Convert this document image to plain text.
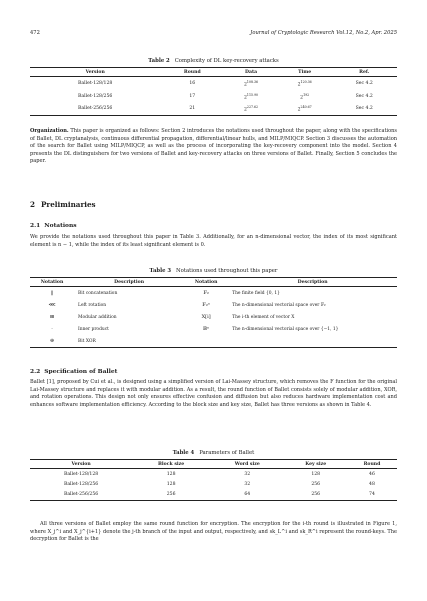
472	Journal of Cryptologic Research Vol.12, No.2, Apr. 2025
Table 2 Complexity of DL key-recovery attacks
Version	Round	Data	Time	Ref.
Ballet-128/128	16	$2^{108.36}$	$2^{120.36}$	Sec 4.2
Ballet-128/256	17	$2^{115.90}$	$2^{192}$	Sec 4.2
Ballet-256/256	21	$2^{227.62}$	$2^{240.67}$	Sec 4.2

Organization. This paper is organized as follows: Section 2 introduces the notations used throughout the paper, along with the specifications of Ballet, DL cryptanalysis, continuous differential propagation, differential/linear hulls, and MILP/MIQCP. Section 3 discusses the automation of the search for Ballet using MILP/MIQCP, as well as the process of incorporating the key-recovery component into the model. Section 4 presents the DL distinguishers for two versions of Ballet and key-recovery attacks on three versions of Ballet. Finally, Section 5 concludes the paper.

2 Preliminaries
2.1 Notations

We provide the notations used throughout this paper in Table 3. Additionally, for an n-dimensional vector, the index of its most significant element is n − 1, while the index of its least significant element is 0.

Table 3 Notations used throughout this paper
Notation	Description	Notation	Description
‖	Bit concatenation	𝔽₂	The finite field {0, 1}
⋘	Left rotation	𝔽₂ⁿ	The n-dimensional vectorial space over 𝔽₂
⊞	Modular addition	X[i]	The i-th element of vector X
·	Inner product	𝔹ⁿ	The n-dimensional vectorial space over {−1, 1}
⊕	Bit XOR		
2.2 Specification of Ballet

Ballet [1], proposed by Cui et al., is designed using a simplified version of Lai-Massey structure, which removes the F function for the original Lai-Massey structure and replaces it with modular addition. As a result, the round function of Ballet consists solely of modular addition, XOR, and rotation operations. This design not only ensures effective confusion and diffusion but also reduces hardware implementation cost and enhances software implementation efficiency. According to the block size and key size, Ballet has three versions as shown in Table 4.

Table 4 Parameters of Ballet
Version	Block size	Word size	Key size	Round
Ballet-128/128	128	32	128	46
Ballet-128/256	128	32	256	48
Ballet-256/256	256	64	256	74

All three versions of Ballet employ the same round function for encryption. The encryption for the i-th round is illustrated in Figure 1, where X_j^i and X_j^{i+1} denote the j-th branch of the input and output, respectively, and sk_L^i and sk_R^i represent the round-keys. The decryption for Ballet is the
